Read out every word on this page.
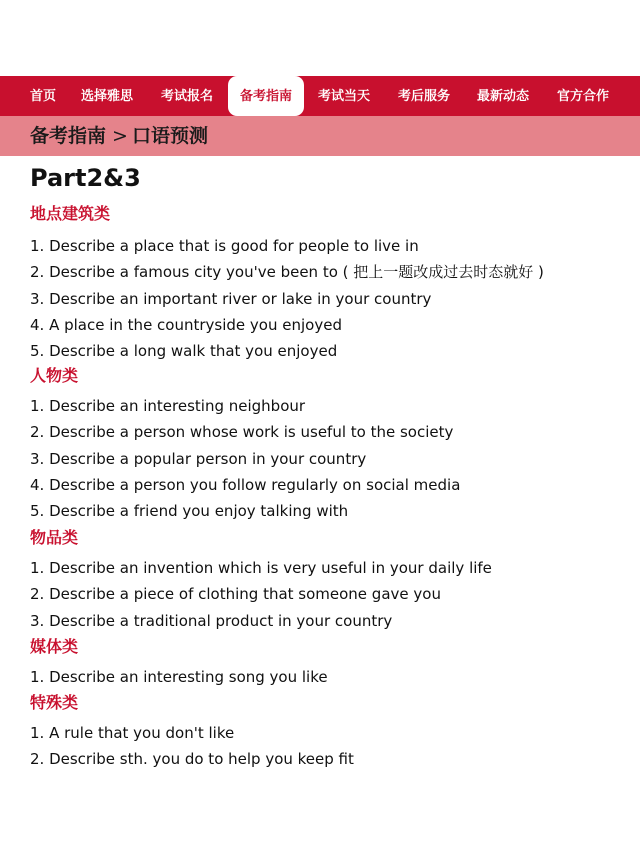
首页 选择雅思 考试报名	备考指南	考试当天 考后服务 最新动态 官方合作
备考指南 > 口语预测
Part2&3
地点建筑类
1. Describe a place that is good for people to live in
2. Describe a famous city you've been to ( 把上一题改成过去时态就好 )
3. Describe an important river or lake in your country
4. A place in the countryside you enjoyed
5. Describe a long walk that you enjoyed
人物类
1. Describe an interesting neighbour
2. Describe a person whose work is useful to the society
3. Describe a popular person in your country
4. Describe a person you follow regularly on social media
5. Describe a friend you enjoy talking with
物品类
1. Describe an invention which is very useful in your daily life
2. Describe a piece of clothing that someone gave you
3. Describe a traditional product in your country
媒体类
1. Describe an interesting song you like
特殊类
1. A rule that you don't like
2. Describe sth. you do to help you keep fit
